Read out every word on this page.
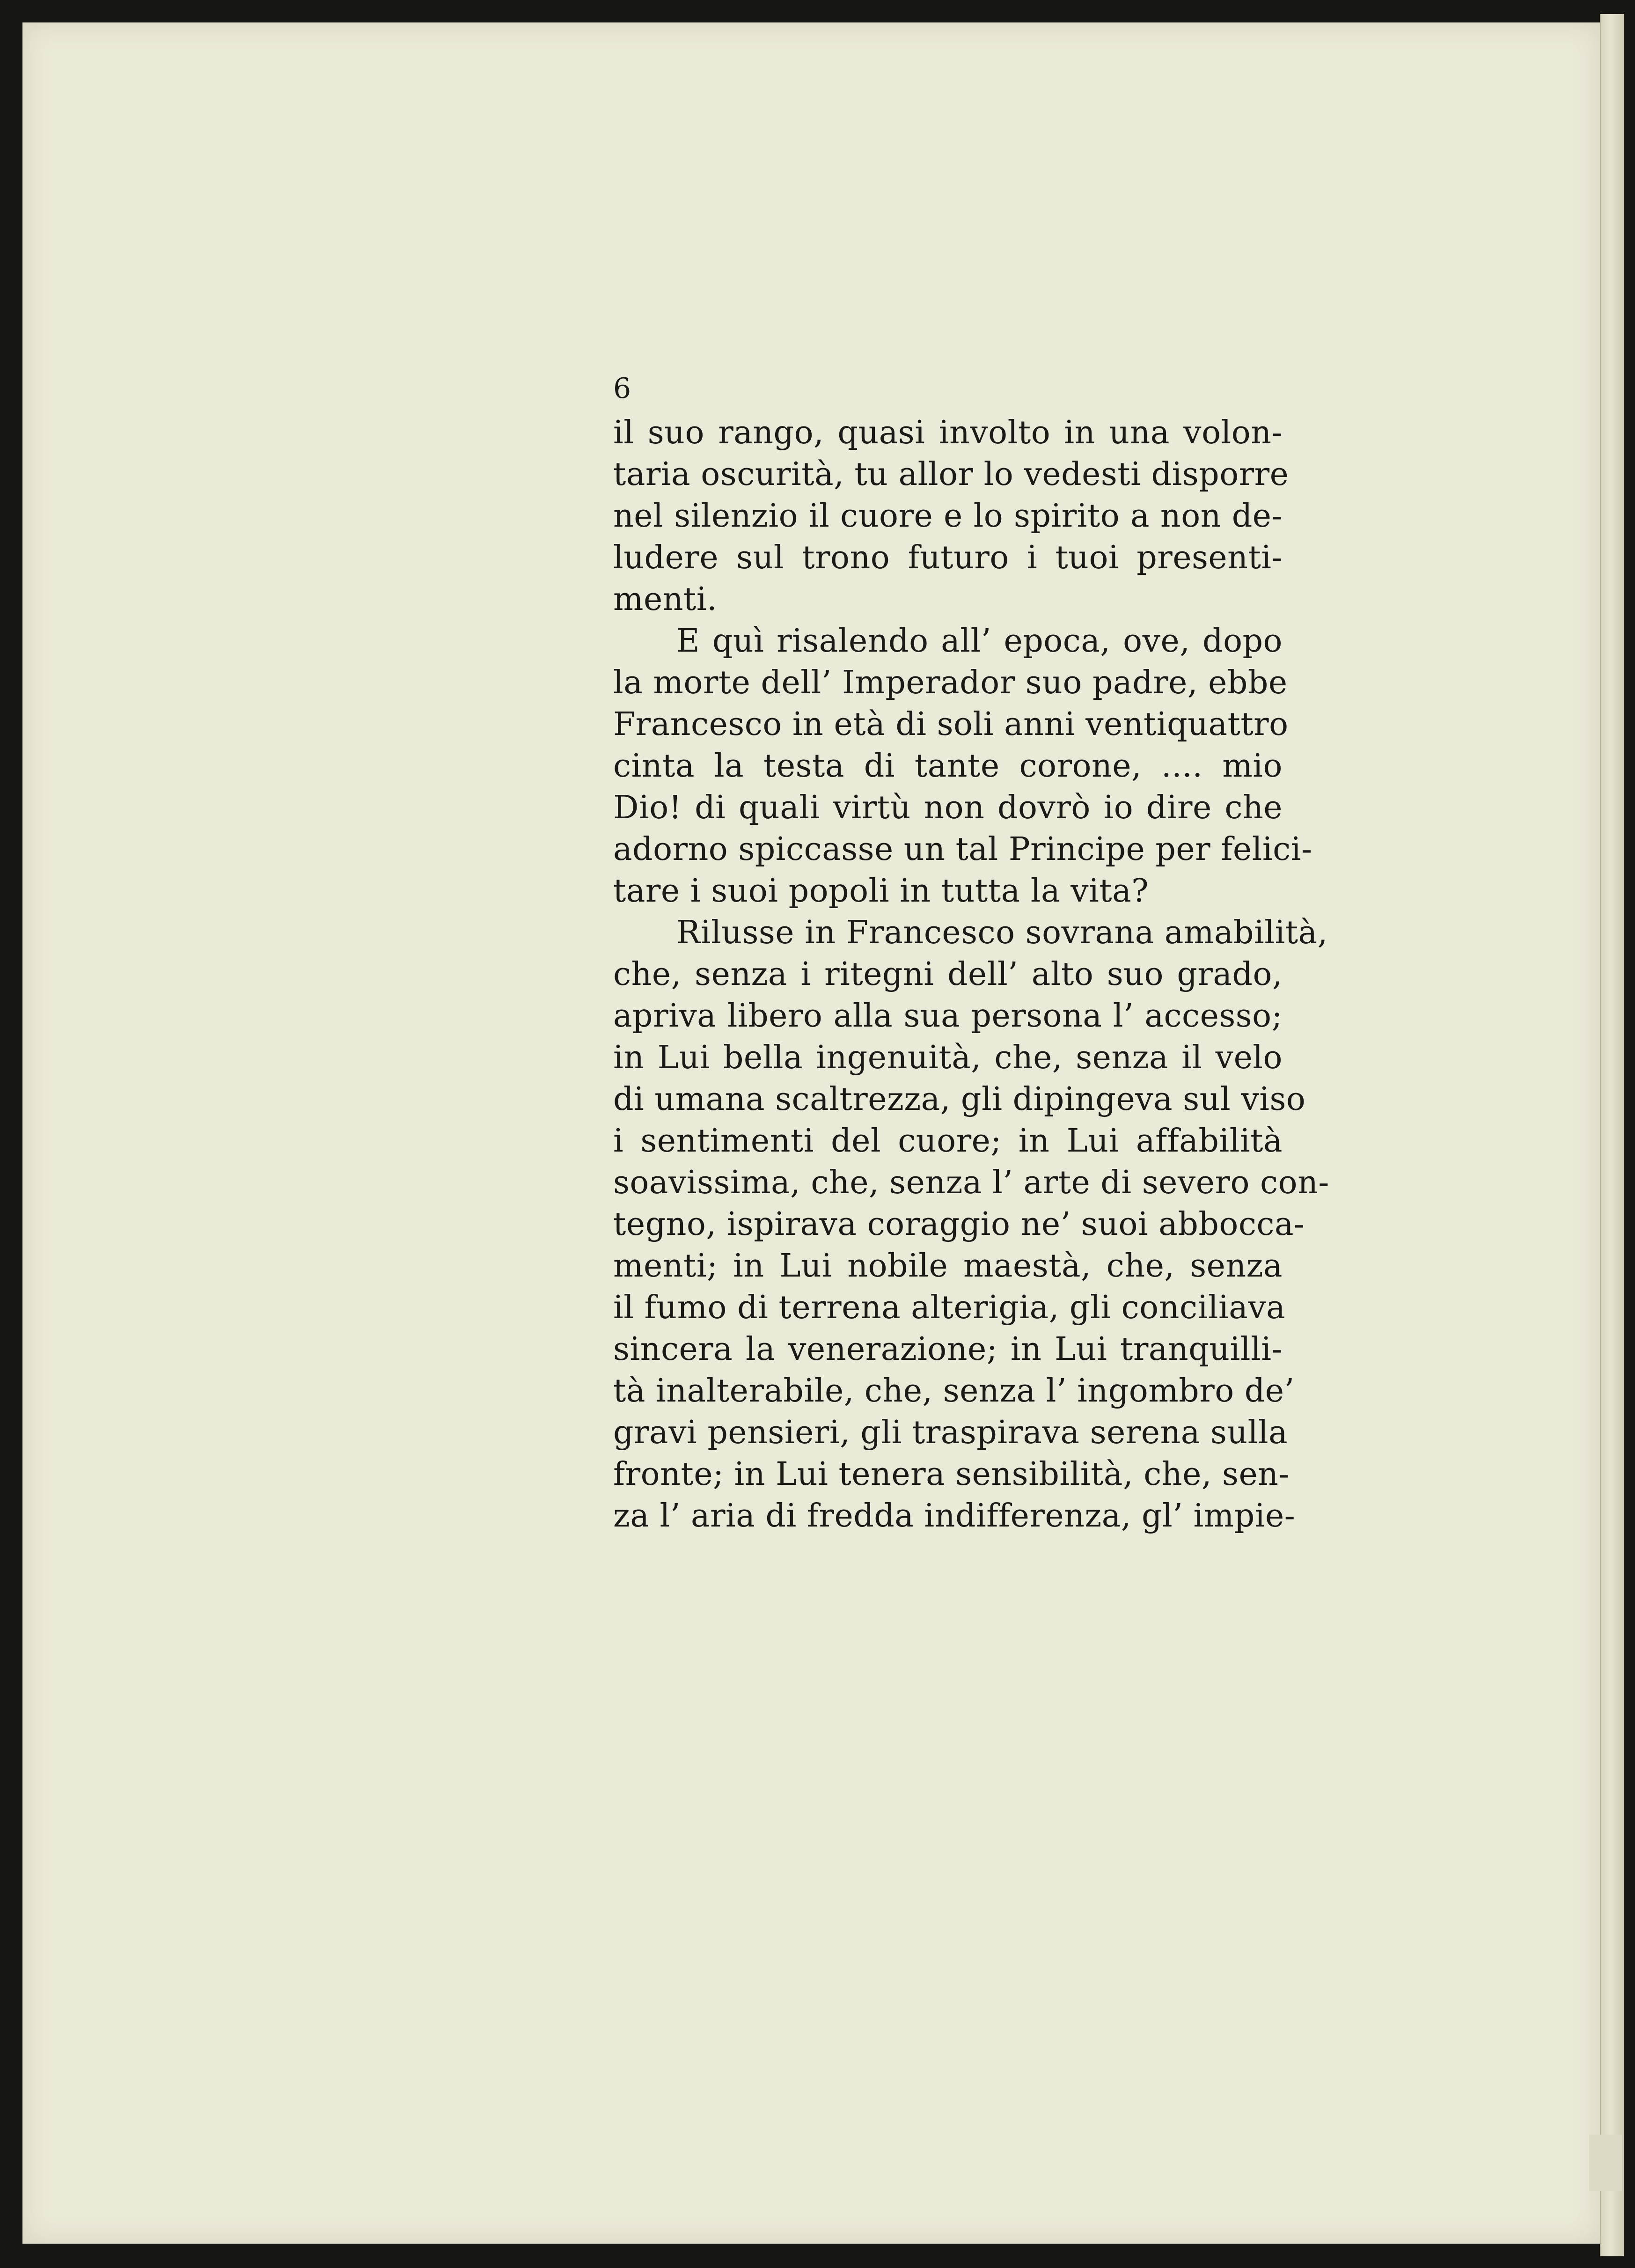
6
il suo rango, quasi involto in una volon-
taria oscurità, tu allor lo vedesti disporre
nel silenzio il cuore e lo spirito a non de-
ludere sul trono futuro i tuoi presenti-
menti.
E quì risalendo all’ epoca, ove, dopo
la morte dell’ Imperador suo padre, ebbe
Francesco in età di soli anni ventiquattro
cinta la testa di tante corone, .... mio
Dio! di quali virtù non dovrò io dire che
adorno spiccasse un tal Principe per felici-
tare i suoi popoli in tutta la vita?
Rilusse in Francesco sovrana amabilità,
che, senza i ritegni dell’ alto suo grado,
apriva libero alla sua persona l’ accesso;
in Lui bella ingenuità, che, senza il velo
di umana scaltrezza, gli dipingeva sul viso
i sentimenti del cuore; in Lui affabilità
soavissima, che, senza l’ arte di severo con-
tegno, ispirava coraggio ne’ suoi abbocca-
menti; in Lui nobile maestà, che, senza
il fumo di terrena alterigia, gli conciliava
sincera la venerazione; in Lui tranquilli-
tà inalterabile, che, senza l’ ingombro de’
gravi pensieri, gli traspirava serena sulla
fronte; in Lui tenera sensibilità, che, sen-
za l’ aria di fredda indifferenza, gl’ impie-
